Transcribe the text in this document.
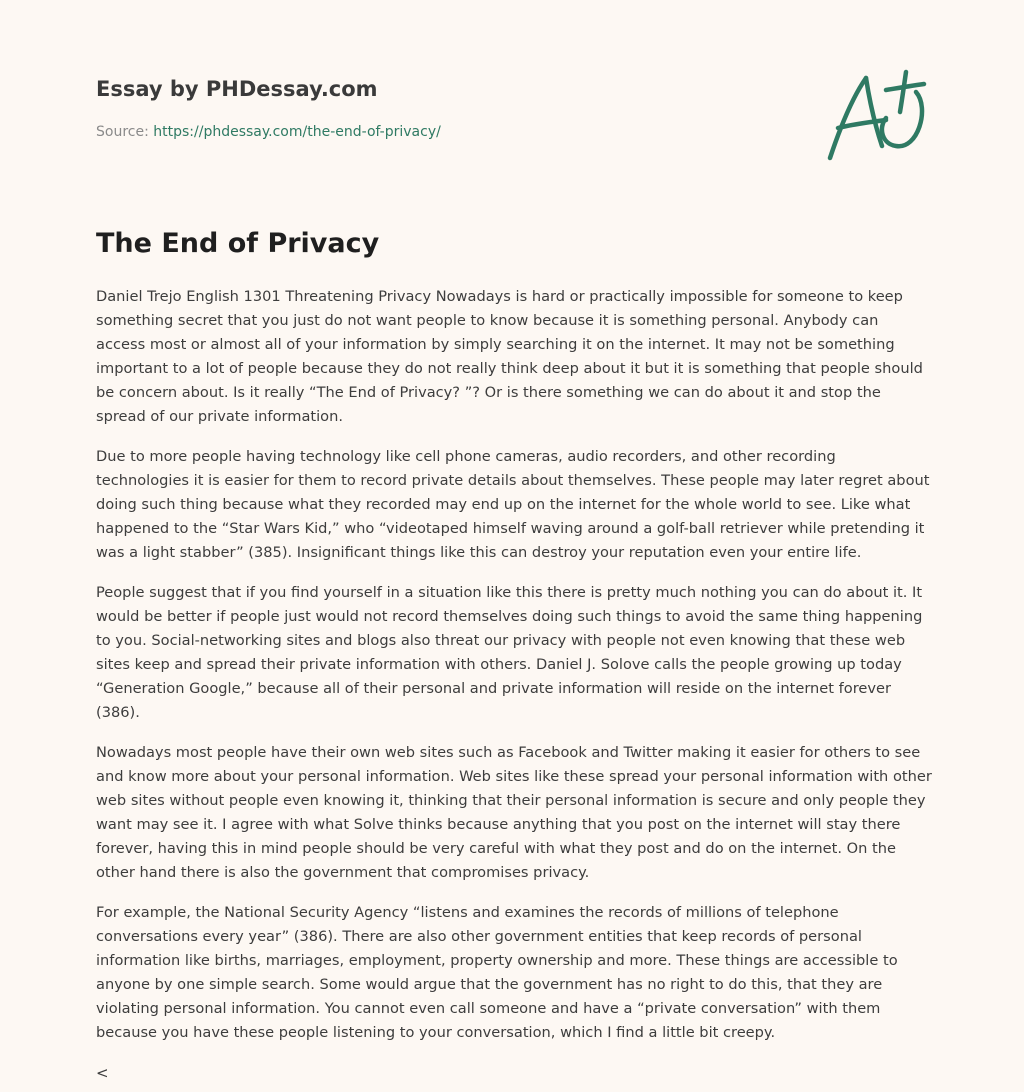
Essay by PHDessay.com
Source: https://phdessay.com/the-end-of-privacy/
The End of Privacy

Daniel Trejo English 1301 Threatening Privacy Nowadays is hard or practically impossible for someone to keep something secret that you just do not want people to know because it is something personal. Anybody can access most or almost all of your information by simply searching it on the internet. It may not be something important to a lot of people because they do not really think deep about it but it is something that people should be concern about. Is it really “The End of Privacy? ”? Or is there something we can do about it and stop the spread of our private information.

Due to more people having technology like cell phone cameras, audio recorders, and other recording technologies it is easier for them to record private details about themselves. These people may later regret about doing such thing because what they recorded may end up on the internet for the whole world to see. Like what happened to the “Star Wars Kid,” who “videotaped himself waving around a golf-ball retriever while pretending it was a light stabber” (385). Insignificant things like this can destroy your reputation even your entire life.

People suggest that if you find yourself in a situation like this there is pretty much nothing you can do about it. It would be better if people just would not record themselves doing such things to avoid the same thing happening to you. Social-networking sites and blogs also threat our privacy with people not even knowing that these web sites keep and spread their private information with others. Daniel J. Solove calls the people growing up today “Generation Google,” because all of their personal and private information will reside on the internet forever (386).

Nowadays most people have their own web sites such as Facebook and Twitter making it easier for others to see and know more about your personal information. Web sites like these spread your personal information with other web sites without people even knowing it, thinking that their personal information is secure and only people they want may see it. I agree with what Solve thinks because anything that you post on the internet will stay there forever, having this in mind people should be very careful with what they post and do on the internet. On the other hand there is also the government that compromises privacy.

For example, the National Security Agency “listens and examines the records of millions of telephone conversations every year” (386). There are also other government entities that keep records of personal information like births, marriages, employment, property ownership and more. These things are accessible to anyone by one simple search. Some would argue that the government has no right to do this, that they are violating personal information. You cannot even call someone and have a “private conversation” with them because you have these people listening to your conversation, which I find a little bit creepy.

<
